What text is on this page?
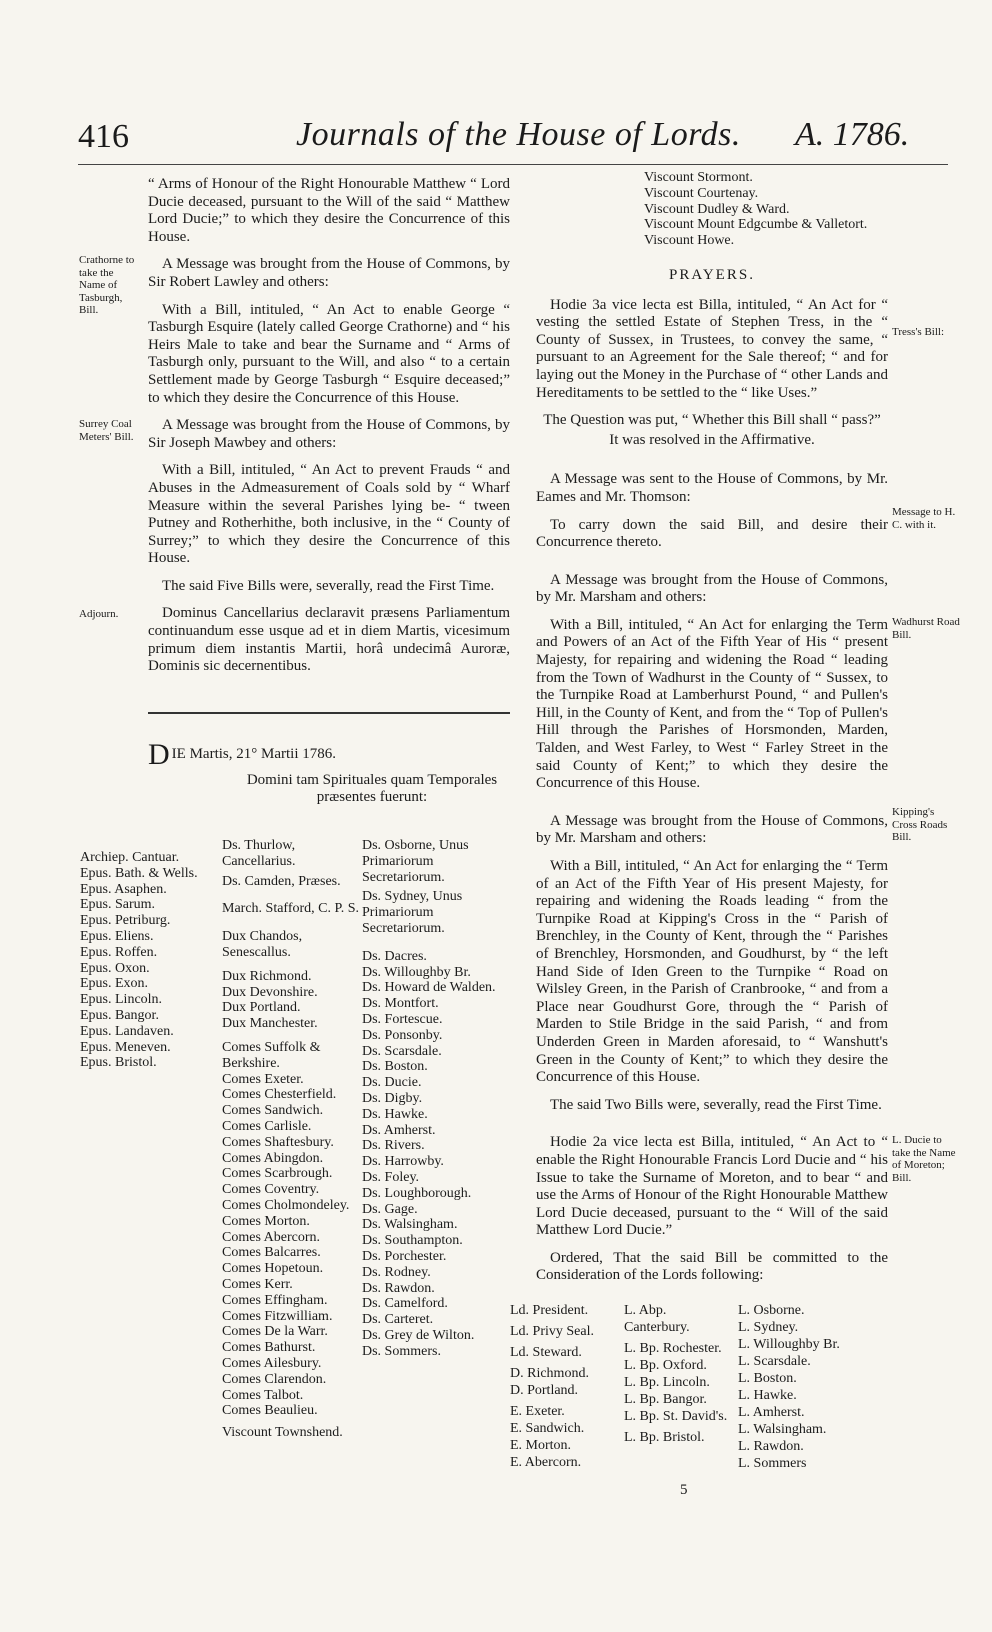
416	Journals of the House of Lords. A. 1786.
Crathorne to take the Name of Tasburgh, Bill.
Surrey Coal Meters' Bill.
Adjourn.
Tress's Bill:
Message to H. C. with it.
Wadhurst Road Bill.
Kipping's Cross Roads Bill.
L. Ducie to take the Name of Moreton; Bill.

“ Arms of Honour of the Right Honourable Matthew “ Lord Ducie deceased, pursuant to the Will of the said “ Matthew Lord Ducie;” to which they desire the Concurrence of this House.

A Message was brought from the House of Commons, by Sir Robert Lawley and others:

With a Bill, intituled, “ An Act to enable George “ Tasburgh Esquire (lately called George Crathorne) and “ his Heirs Male to take and bear the Surname and “ Arms of Tasburgh only, pursuant to the Will, and also “ to a certain Settlement made by George Tasburgh “ Esquire deceased;” to which they desire the Concurrence of this House.

A Message was brought from the House of Commons, by Sir Joseph Mawbey and others:

With a Bill, intituled, “ An Act to prevent Frauds “ and Abuses in the Admeasurement of Coals sold by “ Wharf Measure within the several Parishes lying be- “ tween Putney and Rotherhithe, both inclusive, in the “ County of Surrey;” to which they desire the Concurrence of this House.

The said Five Bills were, severally, read the First Time.

Dominus Cancellarius declaravit præsens Parliamentum continuandum esse usque ad et in diem Martis, vicesimum primum diem instantis Martii, horâ undecimâ Auroræ, Dominis sic decernentibus.

DIE Martis, 21° Martii 1786.
Domini tam Spirituales quam Temporales præsentes fuerunt:
Archiep. Cantuar.
Epus. Bath. & Wells.
Epus. Asaphen.
Epus. Sarum.
Epus. Petriburg.
Epus. Eliens.
Epus. Roffen.
Epus. Oxon.
Epus. Exon.
Epus. Lincoln.
Epus. Bangor.
Epus. Landaven.
Epus. Meneven.
Epus. Bristol.
Ds. Thurlow, Cancellarius.
Ds. Camden, Præses.
March. Stafford, C. P. S.
Dux Chandos, Senescallus.
Dux Richmond.
Dux Devonshire.
Dux Portland.
Dux Manchester.
Comes Suffolk & Berkshire.
Comes Exeter.
Comes Chesterfield.
Comes Sandwich.
Comes Carlisle.
Comes Shaftesbury.
Comes Abingdon.
Comes Scarbrough.
Comes Coventry.
Comes Cholmondeley.
Comes Morton.
Comes Abercorn.
Comes Balcarres.
Comes Hopetoun.
Comes Kerr.
Comes Effingham.
Comes Fitzwilliam.
Comes De la Warr.
Comes Bathurst.
Comes Ailesbury.
Comes Clarendon.
Comes Talbot.
Comes Beaulieu.
Viscount Townshend.
Ds. Osborne, Unus Primariorum Secretariorum.
Ds. Sydney, Unus Primariorum Secretariorum.
Ds. Dacres.
Ds. Willoughby Br.
Ds. Howard de Walden.
Ds. Montfort.
Ds. Fortescue.
Ds. Ponsonby.
Ds. Scarsdale.
Ds. Boston.
Ds. Ducie.
Ds. Digby.
Ds. Hawke.
Ds. Amherst.
Ds. Rivers.
Ds. Harrowby.
Ds. Foley.
Ds. Loughborough.
Ds. Gage.
Ds. Walsingham.
Ds. Southampton.
Ds. Porchester.
Ds. Rodney.
Ds. Rawdon.
Ds. Camelford.
Ds. Carteret.
Ds. Grey de Wilton.
Ds. Sommers.
Viscount Stormont.
Viscount Courtenay.
Viscount Dudley & Ward.
Viscount Mount Edgcumbe & Valletort.
Viscount Howe.

PRAYERS.

Hodie 3a vice lecta est Billa, intituled, “ An Act for “ vesting the settled Estate of Stephen Tress, in the “ County of Sussex, in Trustees, to convey the same, “ pursuant to an Agreement for the Sale thereof; “ and for laying out the Money in the Purchase of “ other Lands and Hereditaments to be settled to the “ like Uses.”

The Question was put, “ Whether this Bill shall “ pass?”

It was resolved in the Affirmative.

A Message was sent to the House of Commons, by Mr. Eames and Mr. Thomson:

To carry down the said Bill, and desire their Concurrence thereto.

A Message was brought from the House of Commons, by Mr. Marsham and others:

With a Bill, intituled, “ An Act for enlarging the Term and Powers of an Act of the Fifth Year of His “ present Majesty, for repairing and widening the Road “ leading from the Town of Wadhurst in the County of “ Sussex, to the Turnpike Road at Lamberhurst Pound, “ and Pullen's Hill, in the County of Kent, and from the “ Top of Pullen's Hill through the Parishes of Horsmonden, Marden, Talden, and West Farley, to West “ Farley Street in the said County of Kent;” to which they desire the Concurrence of this House.

A Message was brought from the House of Commons, by Mr. Marsham and others:

With a Bill, intituled, “ An Act for enlarging the “ Term of an Act of the Fifth Year of His present Majesty, for repairing and widening the Roads leading “ from the Turnpike Road at Kipping's Cross in the “ Parish of Brenchley, in the County of Kent, through the “ Parishes of Brenchley, Horsmonden, and Goudhurst, by “ the left Hand Side of Iden Green to the Turnpike “ Road on Wilsley Green, in the Parish of Cranbrooke, “ and from a Place near Goudhurst Gore, through the “ Parish of Marden to Stile Bridge in the said Parish, “ and from Underden Green in Marden aforesaid, to “ Wanshutt's Green in the County of Kent;” to which they desire the Concurrence of this House.

The said Two Bills were, severally, read the First Time.

Hodie 2a vice lecta est Billa, intituled, “ An Act to “ enable the Right Honourable Francis Lord Ducie and “ his Issue to take the Surname of Moreton, and to bear “ and use the Arms of Honour of the Right Honourable Matthew Lord Ducie deceased, pursuant to the “ Will of the said Matthew Lord Ducie.”

Ordered, That the said Bill be committed to the Consideration of the Lords following:

Ld. President.
Ld. Privy Seal.
Ld. Steward.
D. Richmond.
D. Portland.
E. Exeter.
E. Sandwich.
E. Morton.
E. Abercorn.
L. Abp. Canterbury.
L. Bp. Rochester.
L. Bp. Oxford.
L. Bp. Lincoln.
L. Bp. Bangor.
L. Bp. St. David's.
L. Bp. Bristol.
L. Osborne.
L. Sydney.
L. Willoughby Br.
L. Scarsdale.
L. Boston.
L. Hawke.
L. Amherst.
L. Walsingham.
L. Rawdon.
L. Sommers
5
